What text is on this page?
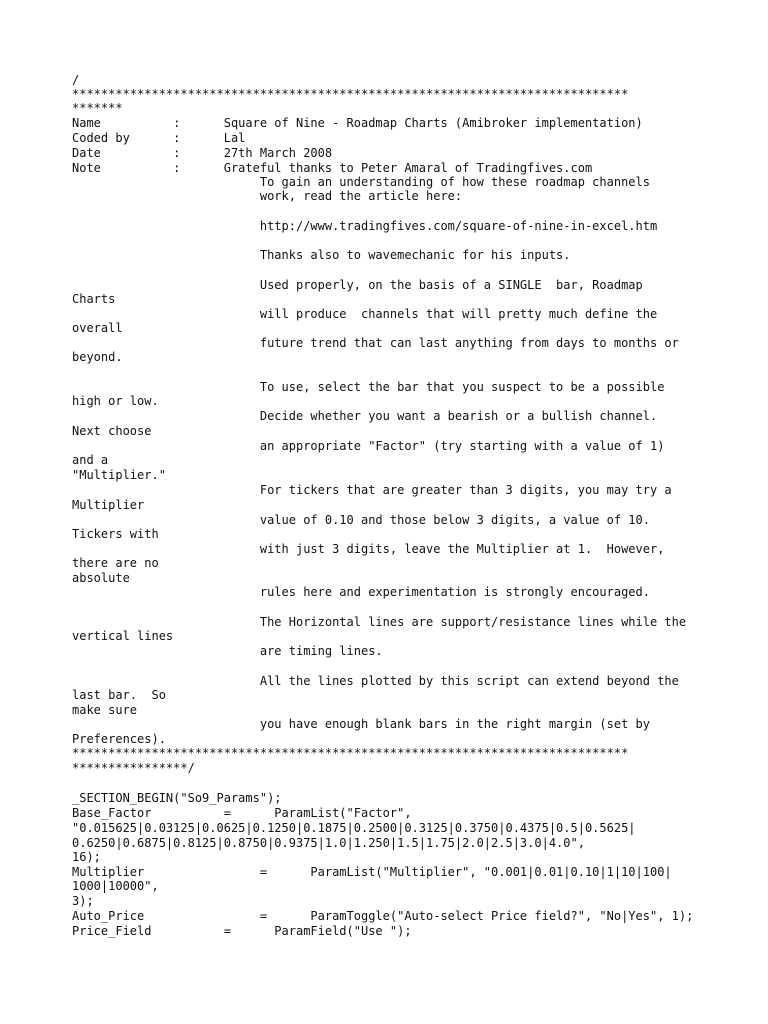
/
*****************************************************************************
*******
Name          :      Square of Nine - Roadmap Charts (Amibroker implementation)
Coded by      :      Lal
Date          :      27th March 2008
Note          :      Grateful thanks to Peter Amaral of Tradingfives.com
To gain an understanding of how these roadmap channels
work, read the article here:
http://www.tradingfives.com/square-of-nine-in-excel.htm
Thanks also to wavemechanic for his inputs.
Used properly, on the basis of a SINGLE  bar, Roadmap
Charts
will produce  channels that will pretty much define the
overall
future trend that can last anything from days to months or
beyond.
To use, select the bar that you suspect to be a possible
high or low.
Decide whether you want a bearish or a bullish channel.
Next choose
an appropriate "Factor" (try starting with a value of 1)
and a
"Multiplier."
For tickers that are greater than 3 digits, you may try a
Multiplier
value of 0.10 and those below 3 digits, a value of 10.
Tickers with
with just 3 digits, leave the Multiplier at 1.  However,
there are no
absolute
rules here and experimentation is strongly encouraged.
The Horizontal lines are support/resistance lines while the
vertical lines
are timing lines.
All the lines plotted by this script can extend beyond the
last bar.  So
make sure
you have enough blank bars in the right margin (set by
Preferences).
*****************************************************************************
****************/
_SECTION_BEGIN("So9_Params");
Base_Factor          =      ParamList("Factor",
"0.015625|0.03125|0.0625|0.1250|0.1875|0.2500|0.3125|0.3750|0.4375|0.5|0.5625|
0.6250|0.6875|0.8125|0.8750|0.9375|1.0|1.250|1.5|1.75|2.0|2.5|3.0|4.0",
16);
Multiplier                =      ParamList("Multiplier", "0.001|0.01|0.10|1|10|100|
1000|10000",
3);
Auto_Price                =      ParamToggle("Auto-select Price field?", "No|Yes", 1);
Price_Field          =      ParamField("Use ");
